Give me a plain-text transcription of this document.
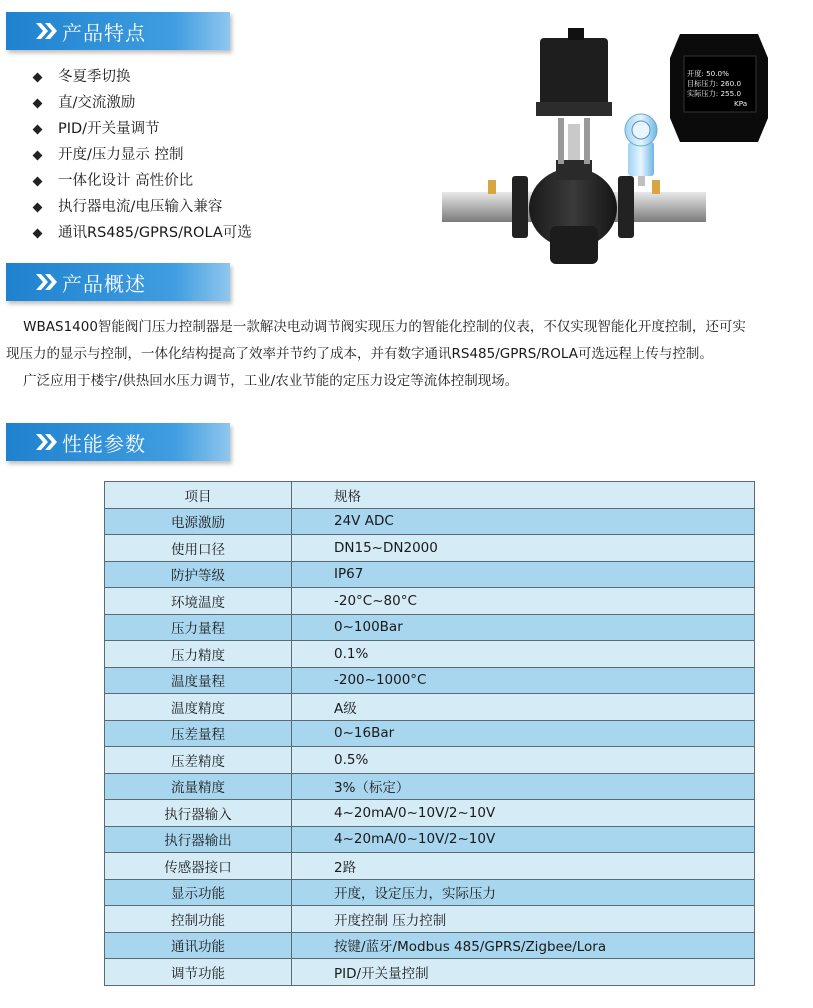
产品特点
冬夏季切换
直/交流激励
PID/开关量调节
开度/压力显示 控制
一体化设计 高性价比
执行器电流/电压输入兼容
通讯RS485/GPRS/ROLA可选
开度: 50.0%
目标压力: 260.0
实际压力: 255.0
KPa
产品概述

WBAS1400智能阀门压力控制器是一款解决电动调节阀实现压力的智能化控制的仪表，不仅实现智能化开度控制，还可实

现压力的显示与控制，一体化结构提高了效率并节约了成本，并有数字通讯RS485/GPRS/ROLA可选远程上传与控制。

广泛应用于楼宇/供热回水压力调节，工业/农业节能的定压力设定等流体控制现场。

性能参数
项目	规格
电源激励	24V ADC
使用口径	DN15~DN2000
防护等级	IP67
环境温度	-20°C~80°C
压力量程	0~100Bar
压力精度	0.1%
温度量程	-200~1000°C
温度精度	A级
压差量程	0~16Bar
压差精度	0.5%
流量精度	3%（标定）
执行器输入	4~20mA/0~10V/2~10V
执行器输出	4~20mA/0~10V/2~10V
传感器接口	2路
显示功能	开度，设定压力，实际压力
控制功能	开度控制 压力控制
通讯功能	按键/蓝牙/Modbus 485/GPRS/Zigbee/Lora
调节功能	PID/开关量控制
